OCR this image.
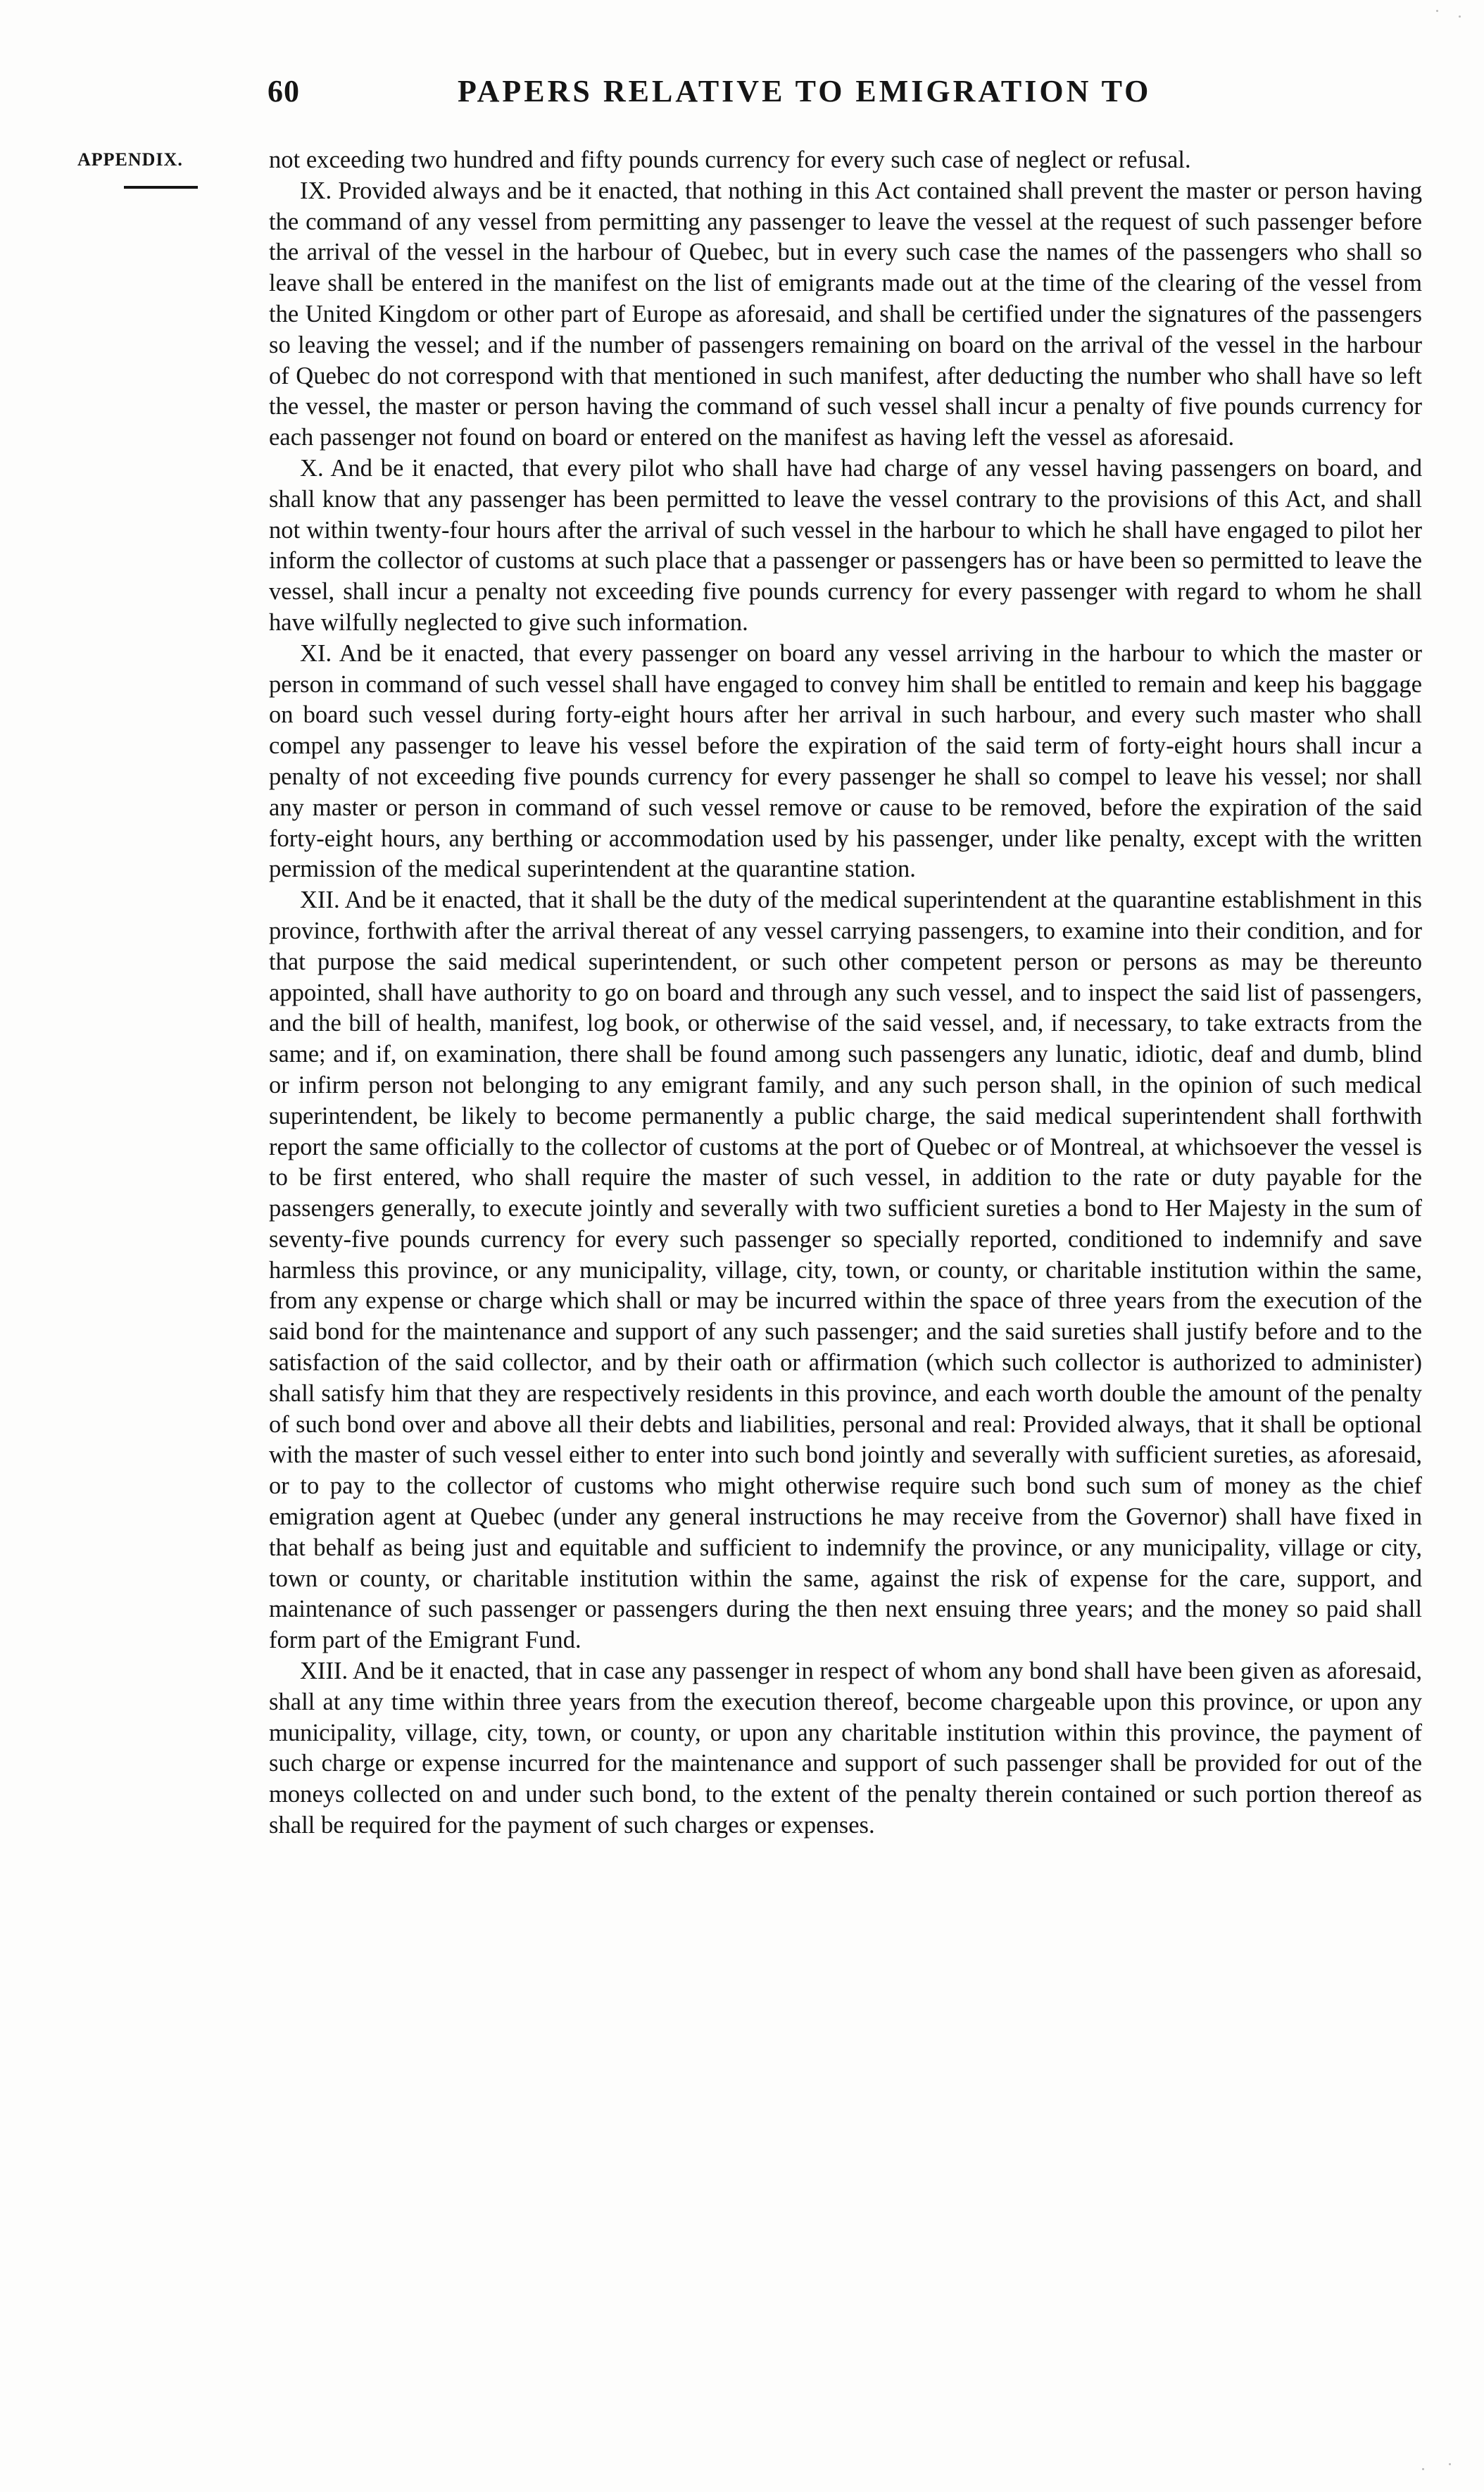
60	PAPERS RELATIVE TO EMIGRATION TO
APPENDIX.	not exceeding two hundred and fifty pounds currency for every such case of neglect or refusal.

IX. Provided always and be it enacted, that nothing in this Act contained shall prevent the master or person having the command of any vessel from permitting any passenger to leave the vessel at the request of such passenger before the arrival of the vessel in the harbour of Quebec, but in every such case the names of the passengers who shall so leave shall be entered in the manifest on the list of emigrants made out at the time of the clearing of the vessel from the United Kingdom or other part of Europe as aforesaid, and shall be certified under the signatures of the passengers so leaving the vessel; and if the number of passengers remaining on board on the arrival of the vessel in the harbour of Quebec do not correspond with that mentioned in such manifest, after deducting the number who shall have so left the vessel, the master or person having the command of such vessel shall incur a penalty of five pounds currency for each passenger not found on board or entered on the manifest as having left the vessel as aforesaid.

X. And be it enacted, that every pilot who shall have had charge of any vessel having passengers on board, and shall know that any passenger has been permitted to leave the vessel contrary to the provisions of this Act, and shall not within twenty-four hours after the arrival of such vessel in the harbour to which he shall have engaged to pilot her inform the collector of customs at such place that a passenger or passengers has or have been so permitted to leave the vessel, shall incur a penalty not exceeding five pounds currency for every passenger with regard to whom he shall have wilfully neglected to give such information.

XI. And be it enacted, that every passenger on board any vessel arriving in the harbour to which the master or person in command of such vessel shall have engaged to convey him shall be entitled to remain and keep his baggage on board such vessel during forty-eight hours after her arrival in such harbour, and every such master who shall compel any passenger to leave his vessel before the expiration of the said term of forty-eight hours shall incur a penalty of not exceeding five pounds currency for every passenger he shall so compel to leave his vessel; nor shall any master or person in command of such vessel remove or cause to be removed, before the expiration of the said forty-eight hours, any berthing or accommodation used by his passenger, under like penalty, except with the written permission of the medical superintendent at the quarantine station.

XII. And be it enacted, that it shall be the duty of the medical superintendent at the quarantine establishment in this province, forthwith after the arrival thereat of any vessel carrying passengers, to examine into their condition, and for that purpose the said medical superintendent, or such other competent person or persons as may be thereunto appointed, shall have authority to go on board and through any such vessel, and to inspect the said list of passengers, and the bill of health, manifest, log book, or otherwise of the said vessel, and, if necessary, to take extracts from the same; and if, on examination, there shall be found among such passengers any lunatic, idiotic, deaf and dumb, blind or infirm person not belonging to any emigrant family, and any such person shall, in the opinion of such medical superintendent, be likely to become permanently a public charge, the said medical superintendent shall forthwith report the same officially to the collector of customs at the port of Quebec or of Montreal, at whichsoever the vessel is to be first entered, who shall require the master of such vessel, in addition to the rate or duty payable for the passengers generally, to execute jointly and severally with two sufficient sureties a bond to Her Majesty in the sum of seventy-five pounds currency for every such passenger so specially reported, conditioned to indemnify and save harmless this province, or any municipality, village, city, town, or county, or charitable institution within the same, from any expense or charge which shall or may be incurred within the space of three years from the execution of the said bond for the maintenance and support of any such passenger; and the said sureties shall justify before and to the satisfaction of the said collector, and by their oath or affirmation (which such collector is authorized to administer) shall satisfy him that they are respectively residents in this province, and each worth double the amount of the penalty of such bond over and above all their debts and liabilities, personal and real: Provided always, that it shall be optional with the master of such vessel either to enter into such bond jointly and severally with sufficient sureties, as aforesaid, or to pay to the collector of customs who might otherwise require such bond such sum of money as the chief emigration agent at Quebec (under any general instructions he may receive from the Governor) shall have fixed in that behalf as being just and equitable and sufficient to indemnify the province, or any municipality, village or city, town or county, or charitable institution within the same, against the risk of expense for the care, support, and maintenance of such passenger or passengers during the then next ensuing three years; and the money so paid shall form part of the Emigrant Fund.

XIII. And be it enacted, that in case any passenger in respect of whom any bond shall have been given as aforesaid, shall at any time within three years from the execution thereof, become chargeable upon this province, or upon any municipality, village, city, town, or county, or upon any charitable institution within this province, the payment of such charge or expense incurred for the maintenance and support of such passenger shall be provided for out of the moneys collected on and under such bond, to the extent of the penalty therein contained or such portion thereof as shall be required for the payment of such charges or expenses.
